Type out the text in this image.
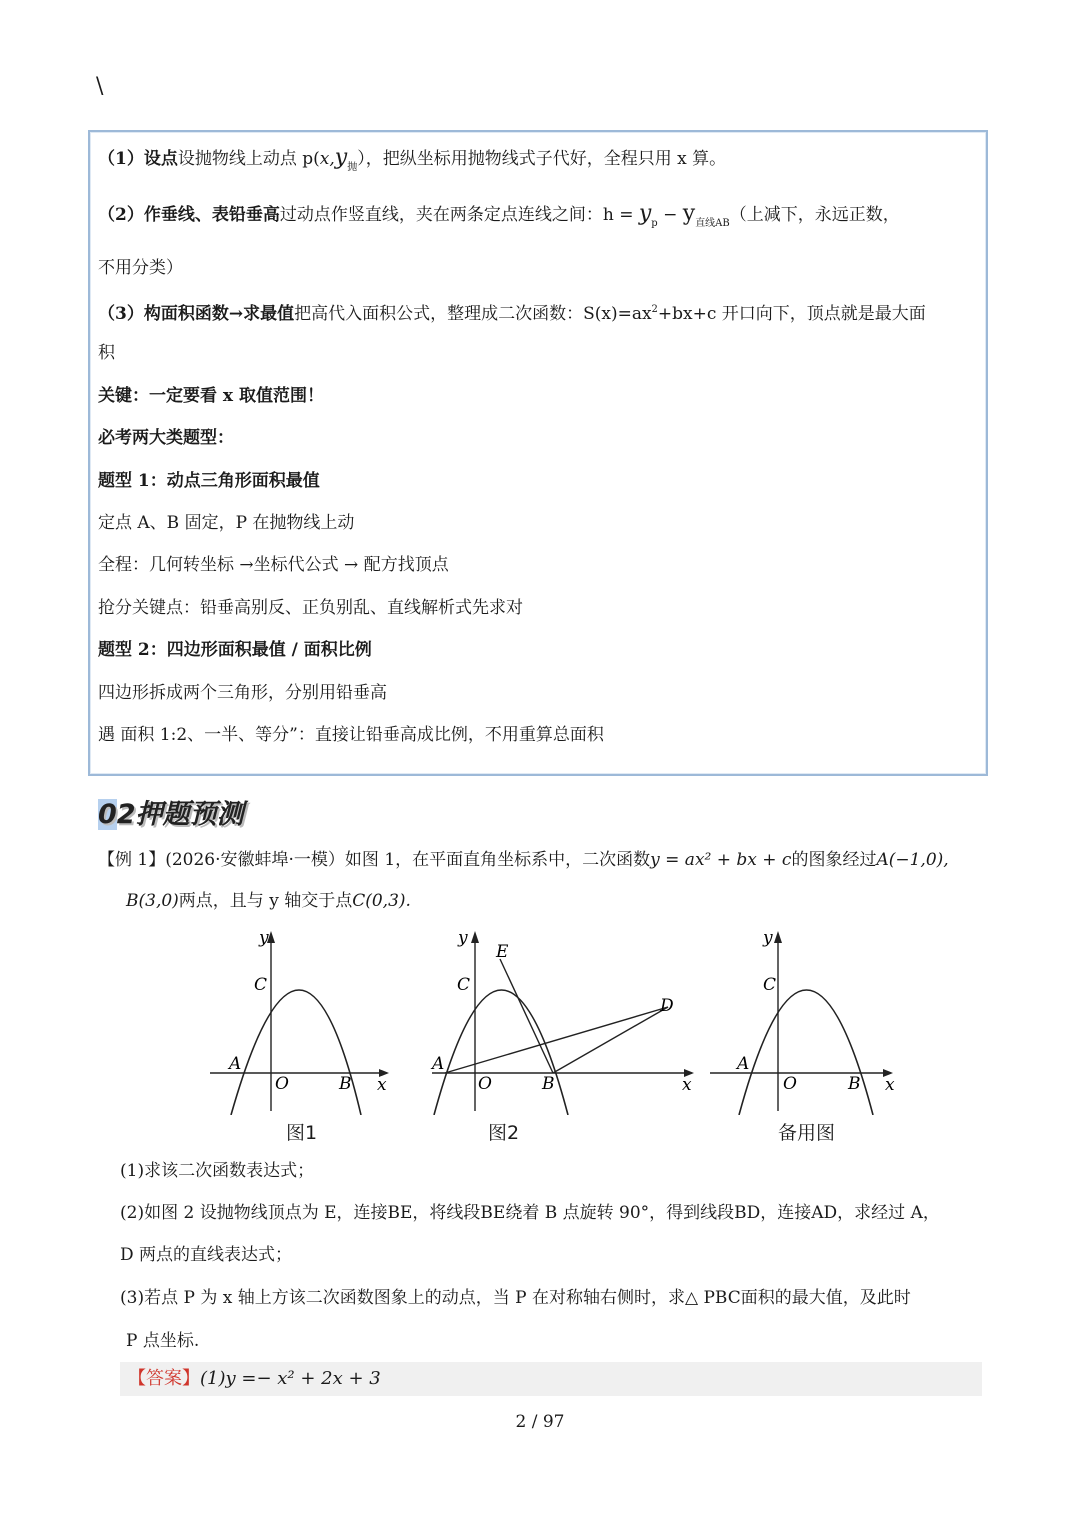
\
（1）设点设抛物线上动点 $p(x,y_抛)$，把纵坐标用抛物线式子代好，全程只用 x 算。
（2）作垂线、表铅垂高过动点作竖直线，夹在两条定点连线之间：$h = y_p - y_{直线AB}$（上减下，永远正数，
不用分类）
（3）构面积函数→求最值把高代入面积公式，整理成二次函数：$S(x)=ax^2+bx+c$ 开口向下，顶点就是最大面
积
关键：一定要看 x 取值范围！
必考两大类题型：
题型 1：动点三角形面积最值
定点 A、B 固定，P 在抛物线上动
全程：几何转坐标 →坐标代公式 → 配方找顶点
抢分关键点：铅垂高别反、正负别乱、直线解析式先求对
题型 2：四边形面积最值 / 面积比例
四边形拆成两个三角形，分别用铅垂高
遇 面积 1:2、一半、等分”：直接让铅垂高成比例，不用重算总面积
02押题预测
【例 1】(2026·安徽蚌埠·一模）如图 1，在平面直角坐标系中，二次函数y = ax² + bx + c的图象经过A(−1,0),
B(3,0)两点，且与 y 轴交于点C(0,3).
y
x
O
A
B
C
图1
y
x
O
A
B
C
E
D
图2
y
x
O
A
B
C
备用图
(1)求该二次函数表达式；
(2)如图 2 设抛物线顶点为 E，连接BE，将线段BE绕着 B 点旋转 90°，得到线段BD，连接AD，求经过 A，
D 两点的直线表达式；
(3)若点 P 为 x 轴上方该二次函数图象上的动点，当 P 在对称轴右侧时，求△ PBC面积的最大值，及此时
P 点坐标.
【答案】(1)y =− x² + 2x + 3
2 / 97
